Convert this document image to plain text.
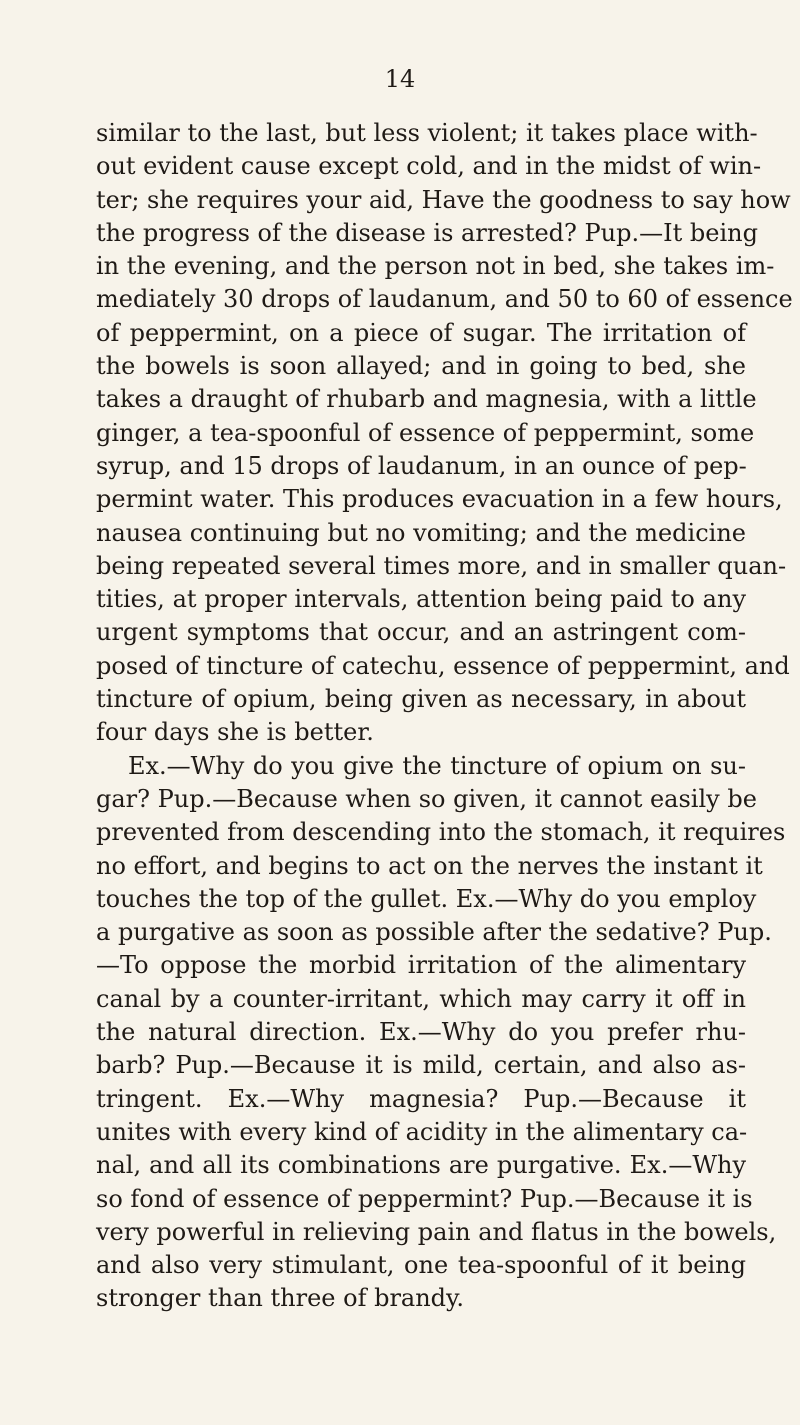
14
similar to the last, but less violent; it takes place with-
out evident cause except cold, and in the midst of win-
ter; she requires your aid, Have the goodness to say how
the progress of the disease is arrested? Pup.—It being
in the evening, and the person not in bed, she takes im-
mediately 30 drops of laudanum, and 50 to 60 of essence
of peppermint, on a piece of sugar. The irritation of
the bowels is soon allayed; and in going to bed, she
takes a draught of rhubarb and magnesia, with a little
ginger, a tea-spoonful of essence of peppermint, some
syrup, and 15 drops of laudanum, in an ounce of pep-
permint water. This produces evacuation in a few hours,
nausea continuing but no vomiting; and the medicine
being repeated several times more, and in smaller quan-
tities, at proper intervals, attention being paid to any
urgent symptoms that occur, and an astringent com-
posed of tincture of catechu, essence of peppermint, and
tincture of opium, being given as necessary, in about
four days she is better.
Ex.—Why do you give the tincture of opium on su-
gar? Pup.—Because when so given, it cannot easily be
prevented from descending into the stomach, it requires
no effort, and begins to act on the nerves the instant it
touches the top of the gullet. Ex.—Why do you employ
a purgative as soon as possible after the sedative? Pup.
—To oppose the morbid irritation of the alimentary
canal by a counter-irritant, which may carry it off in
the natural direction. Ex.—Why do you prefer rhu-
barb? Pup.—Because it is mild, certain, and also as-
tringent. Ex.—Why magnesia? Pup.—Because it
unites with every kind of acidity in the alimentary ca-
nal, and all its combinations are purgative. Ex.—Why
so fond of essence of peppermint? Pup.—Because it is
very powerful in relieving pain and flatus in the bowels,
and also very stimulant, one tea-spoonful of it being
stronger than three of brandy.
